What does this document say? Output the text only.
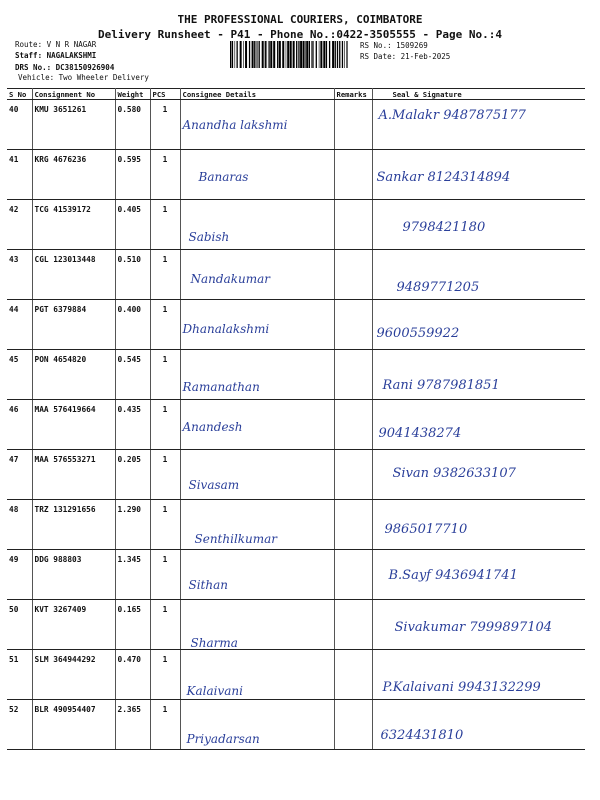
THE PROFESSIONAL COURIERS, COIMBATORE
Delivery Runsheet - P41 - Phone No.:0422-3505555 - Page No.:4
Route: V N R NAGAR
Staff: NAGALAKSHMI
DRS No.: DC38150926904
Vehicle: Two Wheeler Delivery
RS No.: 1509269
RS Date: 21-Feb-2025
S No	Consignment No	Weight	PCS	Consignee Details	Remarks	Seal & Signature
40	KMU 3651261	0.580	1	Anandha lakshmi		A.Malakr 9487875177

41	KRG 4676236	0.595	1	Banaras		Sankar 8124314894

42	TCG 41539172	0.405	1	Sabish		9798421180

43	CGL 123013448	0.510	1	Nandakumar		9489771205

44	PGT 6379884	0.400	1	Dhanalakshmi		9600559922

45	PON 4654820	0.545	1	Ramanathan		Rani 9787981851

46	MAA 576419664	0.435	1	Anandesh		9041438274

47	MAA 576553271	0.205	1	Sivasam		Sivan 9382633107

48	TRZ 131291656	1.290	1	Senthilkumar		9865017710

49	DDG 988803	1.345	1	Sithan		B.Sayf 9436941741

50	KVT 3267409	0.165	1	Sharma		Sivakumar 7999897104

51	SLM 364944292	0.470	1	Kalaivani		P.Kalaivani 9943132299

52	BLR 490954407	2.365	1	Priyadarsan		6324431810
